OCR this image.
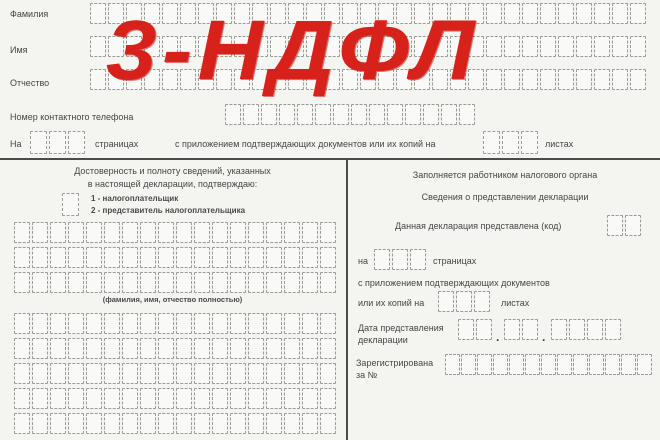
Фамилия
Имя
Отчество
Номер контактного телефона
На	страницах	с приложением подтверждающих документов или их копий на	листах
3-НДФЛ
Достоверность и полноту сведений, указанных
в настоящей декларации, подтверждаю:
1 - налогоплательщик
2 - представитель налогоплательщика
(фамилия, имя, отчество полностью)
Заполняется работником налогового органа
Сведения о представлении декларации
Данная декларация представлена (код)
на	страницах
с приложением подтверждающих документов
или их копий на	листах
Дата представления
декларации	.	.
Зарегистрирована
за №
